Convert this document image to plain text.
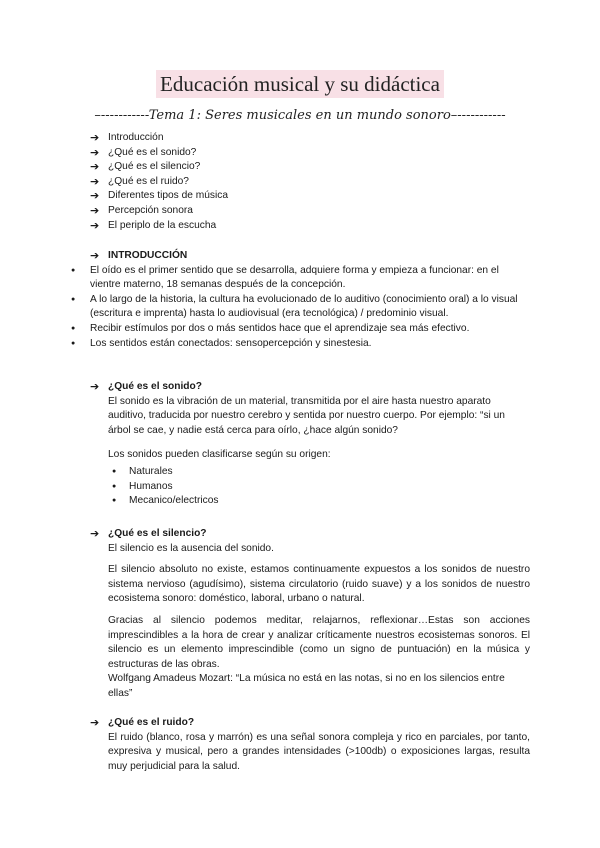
Educación musical y su didáctica
–-----------Tema 1: Seres musicales en un mundo sonoro–-----------
➔ Introducción
➔ ¿Qué es el sonido?
➔ ¿Qué es el silencio?
➔ ¿Qué es el ruido?
➔ Diferentes tipos de música
➔ Percepción sonora
➔ El periplo de la escucha
➔ INTRODUCCIÓN
● El oído es el primer sentido que se desarrolla, adquiere forma y empieza a funcionar: en el vientre materno, 18 semanas después de la concepción.
● A lo largo de la historia, la cultura ha evolucionado de lo auditivo (conocimiento oral) a lo visual (escritura e imprenta) hasta lo audiovisual (era tecnológica) / predominio visual.
● Recibir estímulos por dos o más sentidos hace que el aprendizaje sea más efectivo.
● Los sentidos están conectados: sensopercepción y sinestesia.
➔ ¿Qué es el sonido?

El sonido es la vibración de un material, transmitida por el aire hasta nuestro aparato auditivo, traducida por nuestro cerebro y sentida por nuestro cuerpo. Por ejemplo: “si un árbol se cae, y nadie está cerca para oírlo, ¿hace algún sonido?

Los sonidos pueden clasificarse según su origen:

● Naturales
● Humanos
● Mecanico/electricos
➔ ¿Qué es el silencio?

El silencio es la ausencia del sonido.

El silencio absoluto no existe, estamos continuamente expuestos a los sonidos de nuestro sistema nervioso (agudísimo), sistema circulatorio (ruido suave) y a los sonidos de nuestro ecosistema sonoro: doméstico, laboral, urbano o natural.

Gracias al silencio podemos meditar, relajarnos, reflexionar…Estas son acciones imprescindibles a la hora de crear y analizar críticamente nuestros ecosistemas sonoros. El silencio es un elemento imprescindible (como un signo de puntuación) en la música y estructuras de las obras.

Wolfgang Amadeus Mozart: “La música no está en las notas, si no en los silencios entre ellas”

➔ ¿Qué es el ruido?

El ruido (blanco, rosa y marrón) es una señal sonora compleja y rico en parciales, por tanto, expresiva y musical, pero a grandes intensidades (>100db) o exposiciones largas, resulta muy perjudicial para la salud.
